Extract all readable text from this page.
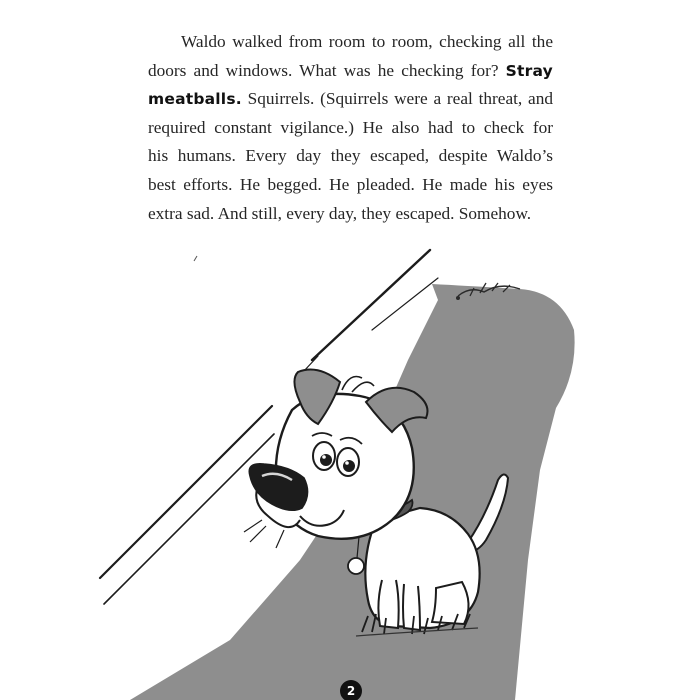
Waldo walked from room to room, checking all the
doors and windows. What was he checking for? Stray
meatballs. Squirrels. (Squirrels were a real threat, and
required constant vigilance.) He also had to check for
his humans. Every day they escaped, despite Waldo’s
best efforts. He begged. He pleaded. He made his eyes
extra sad. And still, every day, they escaped. Somehow.

2
